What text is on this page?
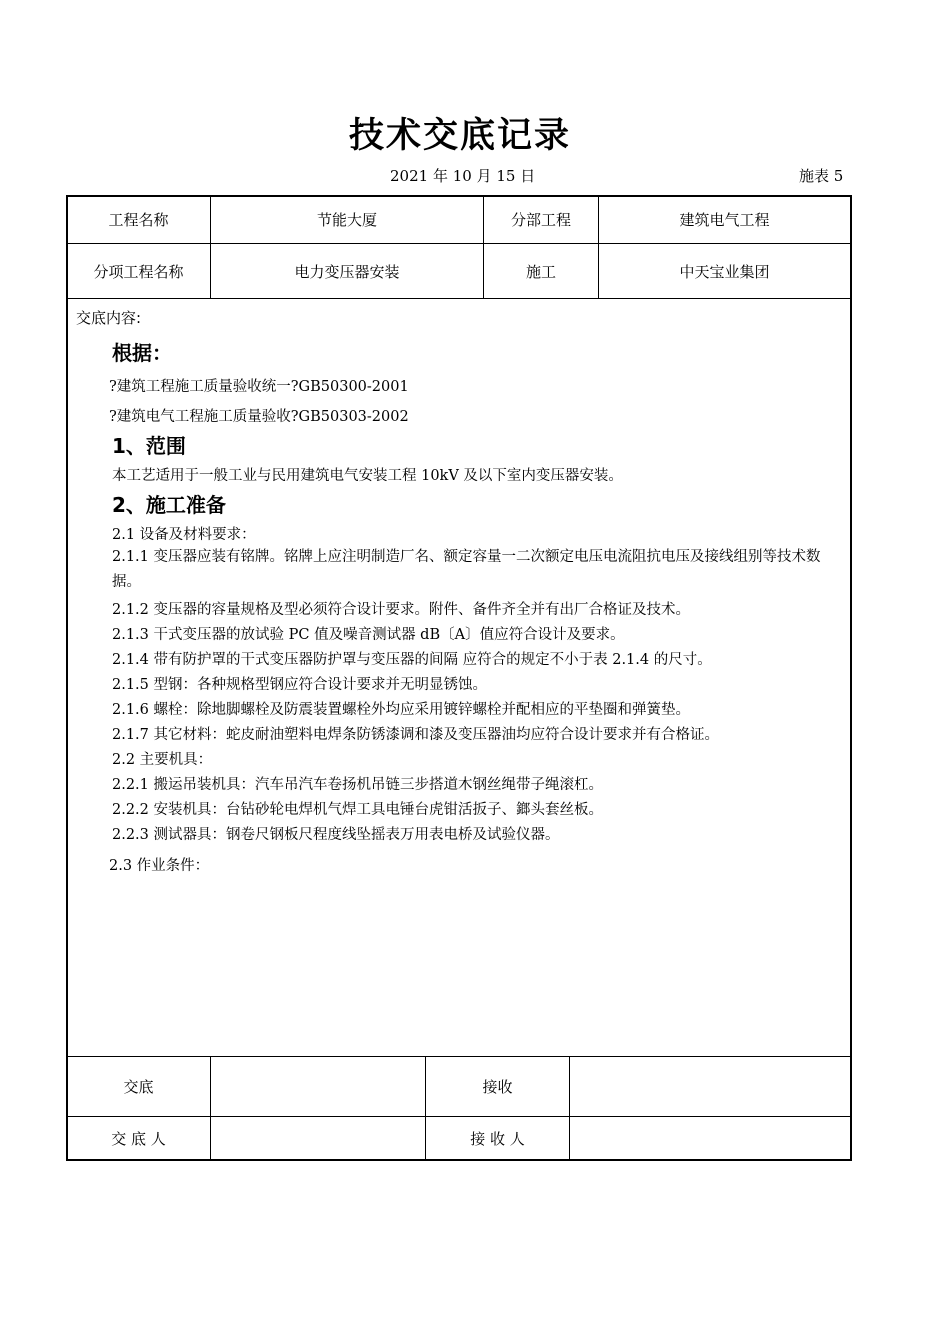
技术交底记录
2021 年 10 月 15 日	施表 5
工程名称	节能大厦	分部工程	建筑电气工程
分项工程名称	电力变压器安装	施工	中天宝业集团
交底内容:
根据：
?建筑工程施工质量验收统一?GB50300-2001
?建筑电气工程施工质量验收?GB50303-2002
1、范围
本工艺适用于一般工业与民用建筑电气安装工程 10kV 及以下室内变压器安装。
2、施工准备
2.1 设备及材料要求：
2.1.1 变压器应装有铭牌。铭牌上应注明制造厂名、额定容量一二次额定电压电流阻抗电压及接线组别等技术数据。
2.1.2 变压器的容量规格及型必须符合设计要求。附件、备件齐全并有出厂合格证及技术。
2.1.3 干式变压器的放试验 PC 值及噪音测试器 dB〔A〕值应符合设计及要求。
2.1.4 带有防护罩的干式变压器防护罩与变压器的间隔 应符合的规定不小于表 2.1.4 的尺寸。
2.1.5 型钢：各种规格型钢应符合设计要求并无明显锈蚀。
2.1.6 螺栓：除地脚螺栓及防震装置螺栓外均应采用镀锌螺栓并配相应的平垫圈和弹簧垫。
2.1.7 其它材料：蛇皮耐油塑料电焊条防锈漆调和漆及变压器油均应符合设计要求并有合格证。
2.2 主要机具：
2.2.1 搬运吊装机具：汽车吊汽车卷扬机吊链三步搭道木钢丝绳带子绳滚杠。
2.2.2 安装机具：台钻砂轮电焊机气焊工具电锤台虎钳活扳子、鎯头套丝板。
2.2.3 测试器具：钢卷尺钢板尺程度线坠摇表万用表电桥及试验仪器。
2.3 作业条件：
交底	接收
交 底 人	接 收 人
